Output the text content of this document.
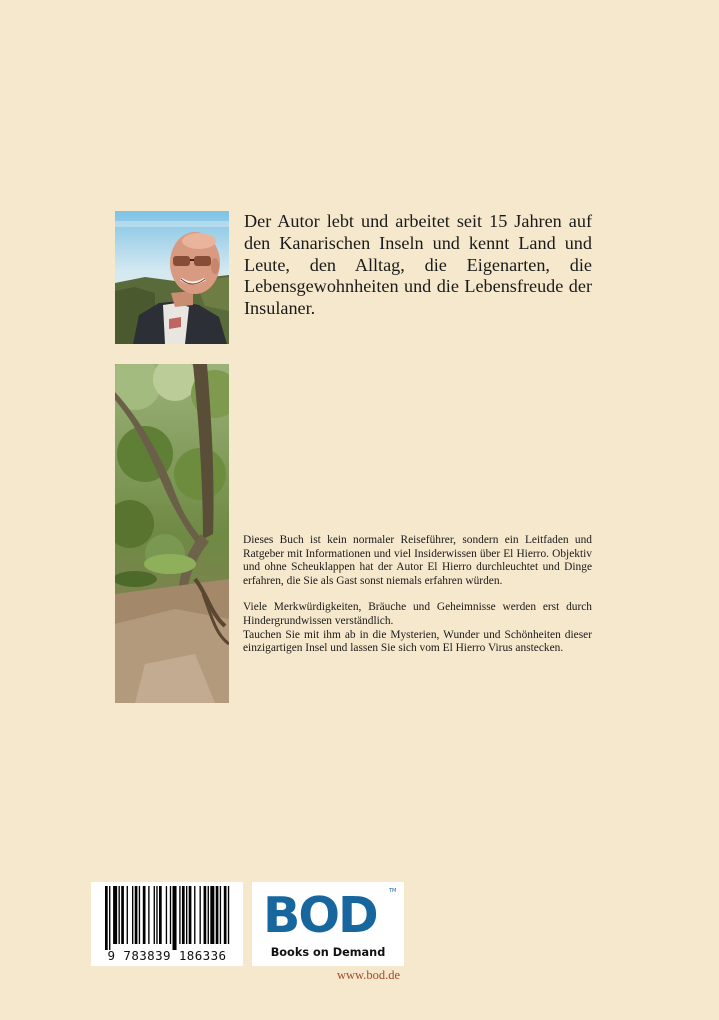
Der Autor lebt und arbeitet seit 15 Jahren auf den Kanarischen Inseln und kennt Land und Leute, den Alltag, die Eigenarten, die Lebensgewohnheiten und die Lebensfreude der Insulaner.

Dieses Buch ist kein normaler Reiseführer, sondern ein Leitfaden und Ratgeber mit Informationen und viel Insiderwissen über El Hierro. Objektiv und ohne Scheuklappen hat der Autor El Hierro durchleuchtet und Dinge erfahren, die Sie als Gast sonst niemals erfahren würden.

Viele Merkwürdigkeiten, Bräuche und Geheimnisse werden erst durch Hindergrundwissen verständlich.

Tauchen Sie mit ihm ab in die Mysterien, Wunder und Schönheiten dieser einzigartigen Insel und lassen Sie sich vom El Hierro Virus anstecken.

9 783839 186336
BOD TM
Books on Demand
www.bod.de
